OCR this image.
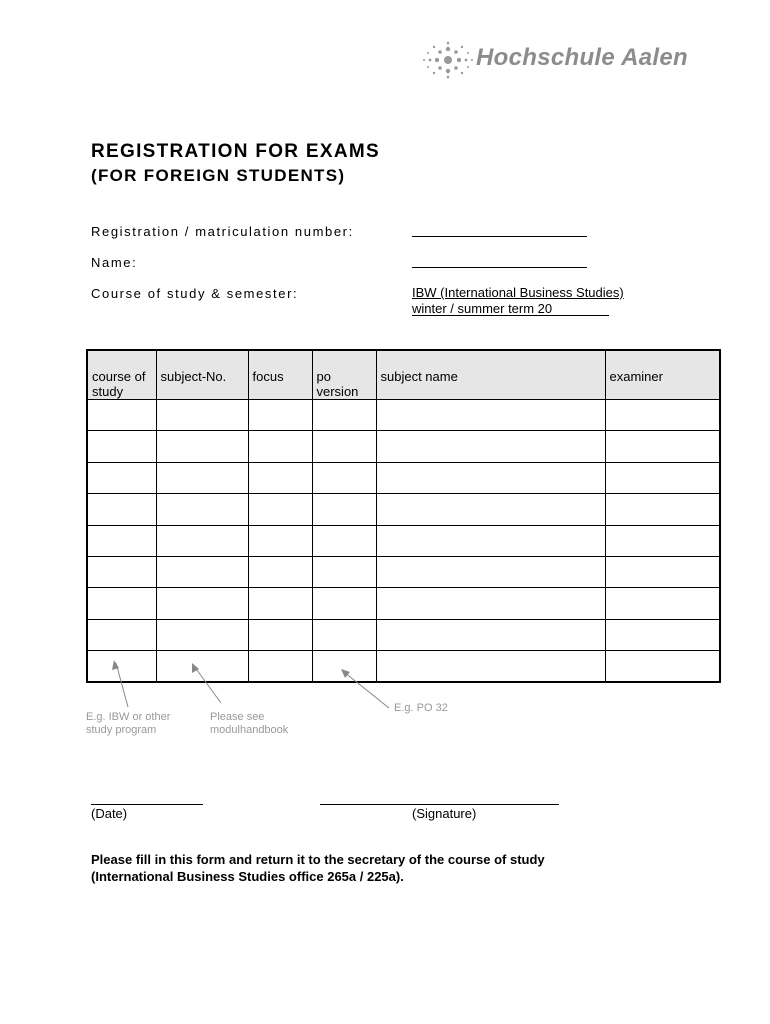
Hochschule Aalen
REGISTRATION FOR EXAMS
(FOR FOREIGN STUDENTS)
Registration / matriculation number:
Name:
Course of study & semester:	IBW (International Business Studies)
winter / summer term 20
course of study	subject-No.	focus	po version	subject name	examiner

E.g. IBW or other
study program
Please see
modulhandbook
E.g. PO 32
(Date)	(Signature)
Please fill in this form and return it to the secretary of the course of study
(International Business Studies office 265a / 225a).
